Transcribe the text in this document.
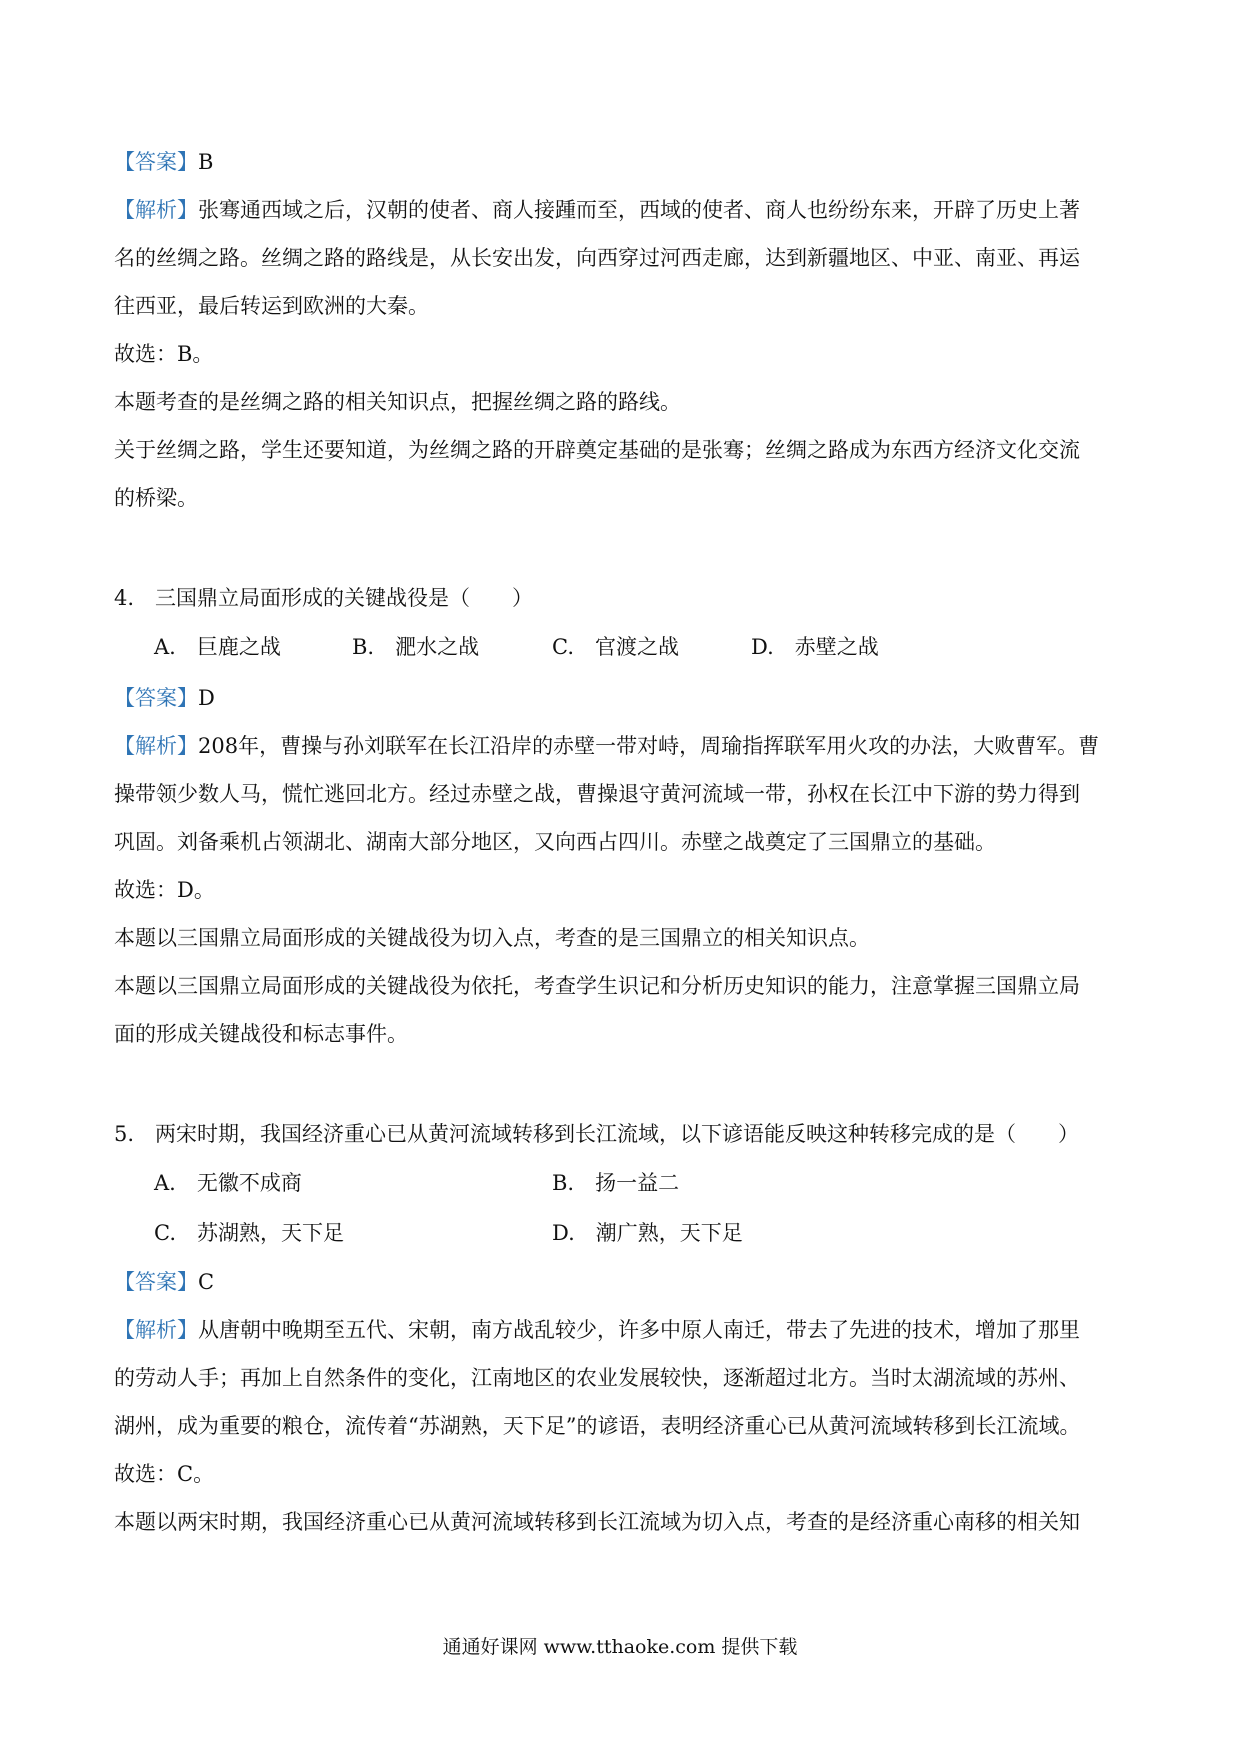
【答案】B
【解析】张骞通西域之后，汉朝的使者、商人接踵而至，西域的使者、商人也纷纷东来，开辟了历史上著
名的丝绸之路。丝绸之路的路线是，从长安出发，向西穿过河西走廊，达到新疆地区、中亚、南亚、再运
往西亚，最后转运到欧洲的大秦。
故选：B。
本题考查的是丝绸之路的相关知识点，把握丝绸之路的路线。
关于丝绸之路，学生还要知道，为丝绸之路的开辟奠定基础的是张骞；丝绸之路成为东西方经济文化交流
的桥梁。
4.　三国鼎立局面形成的关键战役是（　　）
A.　巨鹿之战	B.　淝水之战	C.　官渡之战	D.　赤壁之战
【答案】D
【解析】208年，曹操与孙刘联军在长江沿岸的赤壁一带对峙，周瑜指挥联军用火攻的办法，大败曹军。曹
操带领少数人马，慌忙逃回北方。经过赤壁之战，曹操退守黄河流域一带，孙权在长江中下游的势力得到
巩固。刘备乘机占领湖北、湖南大部分地区，又向西占四川。赤壁之战奠定了三国鼎立的基础。
故选：D。
本题以三国鼎立局面形成的关键战役为切入点，考查的是三国鼎立的相关知识点。
本题以三国鼎立局面形成的关键战役为依托，考查学生识记和分析历史知识的能力，注意掌握三国鼎立局
面的形成关键战役和标志事件。
5.　两宋时期，我国经济重心已从黄河流域转移到长江流域，以下谚语能反映这种转移完成的是（　　）
A.　无徽不成商	B.　扬一益二
C.　苏湖熟，天下足	D.　潮广熟，天下足
【答案】C
【解析】从唐朝中晚期至五代、宋朝，南方战乱较少，许多中原人南迁，带去了先进的技术，增加了那里
的劳动人手；再加上自然条件的变化，江南地区的农业发展较快，逐渐超过北方。当时太湖流域的苏州、
湖州，成为重要的粮仓，流传着“苏湖熟，天下足”的谚语，表明经济重心已从黄河流域转移到长江流域。
故选：C。
本题以两宋时期，我国经济重心已从黄河流域转移到长江流域为切入点，考查的是经济重心南移的相关知
通通好课网 www.tthaoke.com 提供下载
